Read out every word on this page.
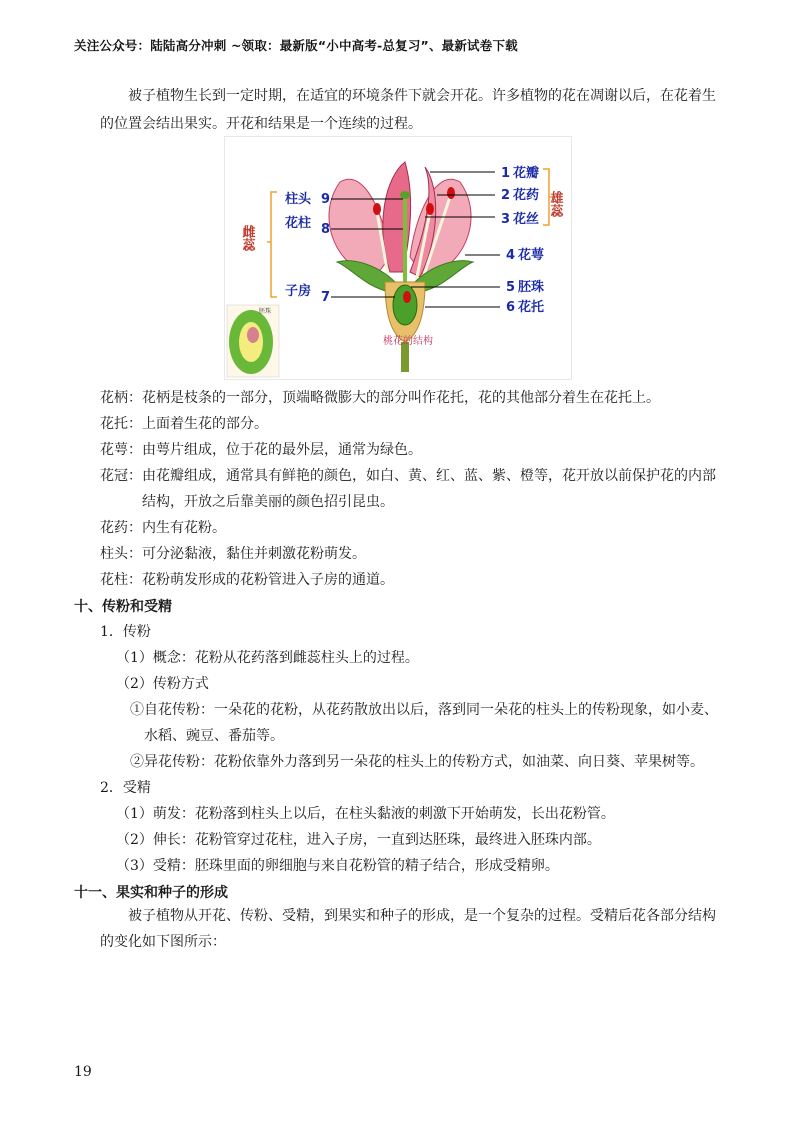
关注公众号：陆陆高分冲刺 ~领取：最新版“小中高考-总复习”、最新试卷下载
被子植物生长到一定时期，在适宜的环境条件下就会开花。许多植物的花在凋谢以后，在花着生
的位置会结出果实。开花和结果是一个连续的过程。
1 花瓣
2 花药
3 花丝
4 花萼
5 胚珠
6 花托
雄蕊
柱头 9
花柱 8
子房 7
雌蕊
胚珠
桃花的结构
花柄：花柄是枝条的一部分，顶端略微膨大的部分叫作花托，花的其他部分着生在花托上。
花托：上面着生花的部分。
花萼：由萼片组成，位于花的最外层，通常为绿色。
花冠：由花瓣组成，通常具有鲜艳的颜色，如白、黄、红、蓝、紫、橙等，花开放以前保护花的内部
结构，开放之后靠美丽的颜色招引昆虫。
花药：内生有花粉。
柱头：可分泌黏液，黏住并刺激花粉萌发。
花柱：花粉萌发形成的花粉管进入子房的通道。
十、传粉和受精
1．传粉
（1）概念：花粉从花药落到雌蕊柱头上的过程。
（2）传粉方式
①自花传粉：一朵花的花粉，从花药散放出以后，落到同一朵花的柱头上的传粉现象，如小麦、
水稻、豌豆、番茄等。
②异花传粉：花粉依靠外力落到另一朵花的柱头上的传粉方式，如油菜、向日葵、苹果树等。
2．受精
（1）萌发：花粉落到柱头上以后，在柱头黏液的刺激下开始萌发，长出花粉管。
（2）伸长：花粉管穿过花柱，进入子房，一直到达胚珠，最终进入胚珠内部。
（3）受精：胚珠里面的卵细胞与来自花粉管的精子结合，形成受精卵。
十一、果实和种子的形成
被子植物从开花、传粉、受精，到果实和种子的形成，是一个复杂的过程。受精后花各部分结构
的变化如下图所示：
19
